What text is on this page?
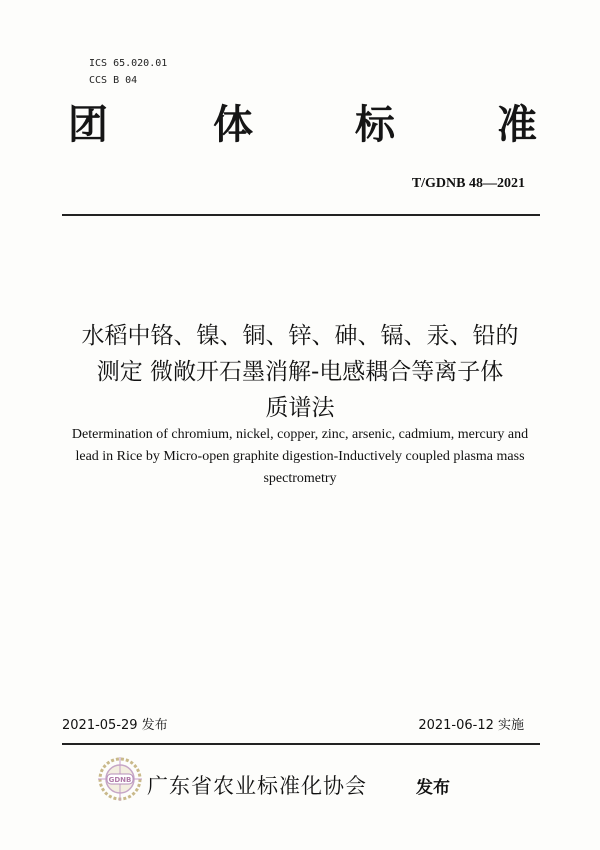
ICS 65.020.01
CCS B 04
团	体	标	准
T/GDNB 48—2021
水稻中铬、镍、铜、锌、砷、镉、汞、铅的
测定 微敞开石墨消解-电感耦合等离子体
质谱法
Determination of chromium, nickel, copper, zinc, arsenic, cadmium, mercury and
lead in Rice by Micro-open graphite digestion-Inductively coupled plasma mass
spectrometry
2021-05-29 发布	2021-06-12 实施
GDNB 广东省农业标准化协会	发布
